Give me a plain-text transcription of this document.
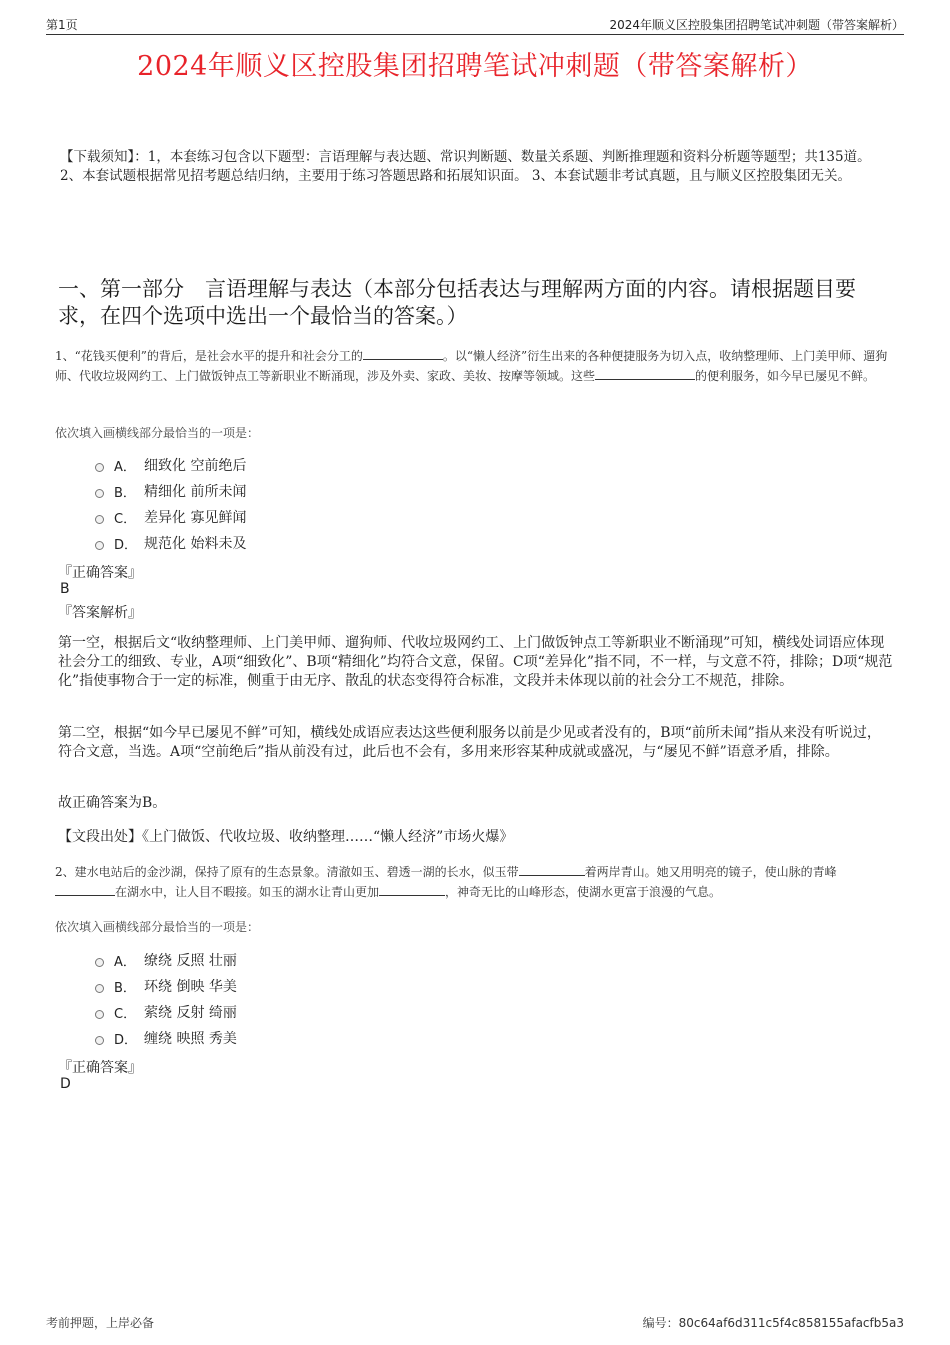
第1页	2024年顺义区控股集团招聘笔试冲刺题（带答案解析）
2024年顺义区控股集团招聘笔试冲刺题（带答案解析）
【下载须知】：1，本套练习包含以下题型：言语理解与表达题、常识判断题、数量关系题、判断推理题和资料分析题等题型；共135道。 2、本套试题根据常见招考题总结归纳，主要用于练习答题思路和拓展知识面。 3、本套试题非考试真题，且与顺义区控股集团无关。
一、第一部分　言语理解与表达（本部分包括表达与理解两方面的内容。请根据题目要求，在四个选项中选出一个最恰当的答案。）
1、“花钱买便利”的背后，是社会水平的提升和社会分工的	。以“懒人经济”衍生出来的各种便捷服务为切入点，收纳整理师、上门美甲师、遛狗师、代收垃圾网约工、上门做饭钟点工等新职业不断涌现，涉及外卖、家政、美妆、按摩等领域。这些	的便利服务，如今早已屡见不鲜。
依次填入画横线部分最恰当的一项是：
A． 细致化 空前绝后
B． 精细化 前所未闻
C． 差异化 寡见鲜闻
D． 规范化 始料未及
『正确答案』
B
『答案解析』
第一空，根据后文“收纳整理师、上门美甲师、遛狗师、代收垃圾网约工、上门做饭钟点工等新职业不断涌现”可知，横线处词语应体现社会分工的细致、专业，A项“细致化”、B项“精细化”均符合文意，保留。C项“差异化”指不同，不一样，与文意不符，排除；D项“规范化”指使事物合于一定的标准，侧重于由无序、散乱的状态变得符合标准，文段并未体现以前的社会分工不规范，排除。
第二空，根据“如今早已屡见不鲜”可知，横线处成语应表达这些便利服务以前是少见或者没有的，B项“前所未闻”指从来没有听说过，符合文意，当选。A项“空前绝后”指从前没有过，此后也不会有，多用来形容某种成就或盛况，与“屡见不鲜”语意矛盾，排除。
故正确答案为B。
【文段出处】《上门做饭、代收垃圾、收纳整理……“懒人经济”市场火爆》
2、建水电站后的金沙湖，保持了原有的生态景象。清澈如玉、碧透一湖的长水，似玉带	着两岸青山。她又用明亮的镜子，使山脉的青峰在湖水中，让人目不暇接。如玉的湖水让青山更加	，神奇无比的山峰形态，使湖水更富于浪漫的气息。
依次填入画横线部分最恰当的一项是：
A． 缭绕 反照 壮丽
B． 环绕 倒映 华美
C． 萦绕 反射 绮丽
D． 缠绕 映照 秀美
『正确答案』
D
考前押题，上岸必备	编号：80c64af6d311c5f4c858155afacfb5a3
